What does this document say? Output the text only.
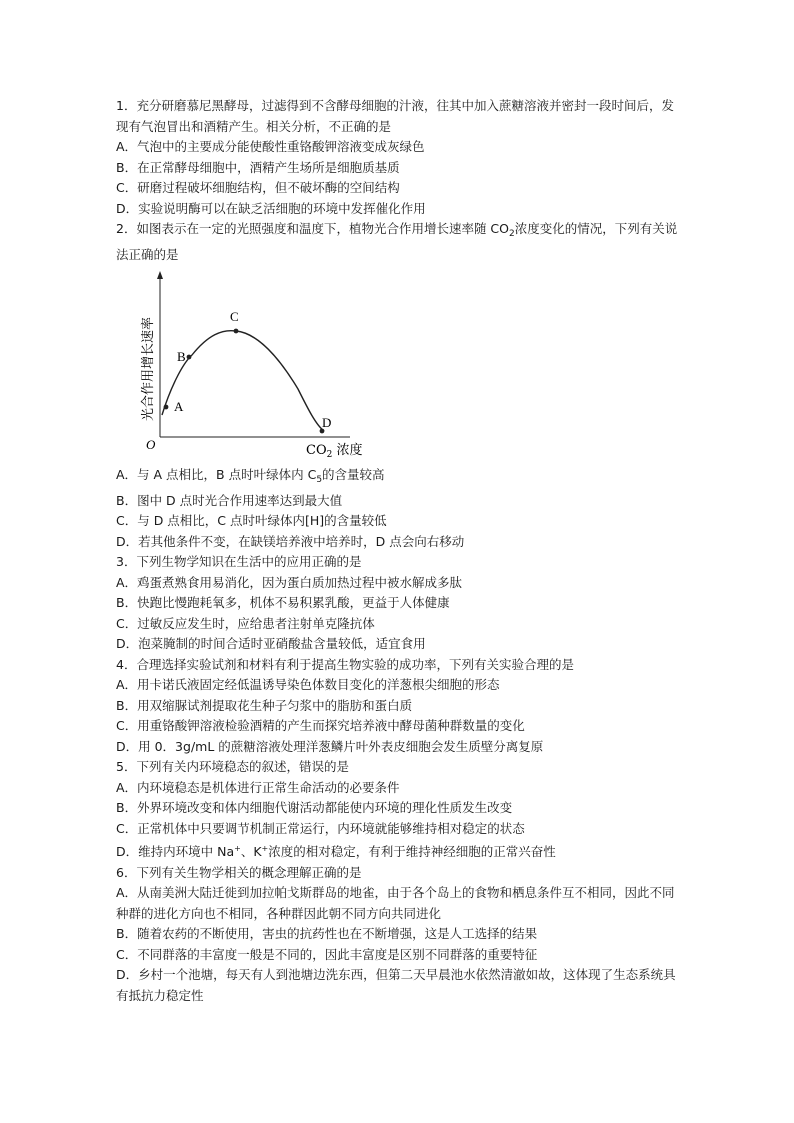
1．充分研磨慕尼黑酵母，过滤得到不含酵母细胞的汁液，往其中加入蔗糖溶液并密封一段时间后，发现有气泡冒出和酒精产生。相关分析，不正确的是

A．气泡中的主要成分能使酸性重铬酸钾溶液变成灰绿色

B．在正常酵母细胞中，酒精产生场所是细胞质基质

C．研磨过程破坏细胞结构，但不破坏酶的空间结构

D．实验说明酶可以在缺乏活细胞的环境中发挥催化作用

2．如图表示在一定的光照强度和温度下，植物光合作用增长速率随 $CO_2$浓度变化的情况，下列有关说法正确的是

A
B
C
D
O	$CO_2$ 浓度
光合作用增长速率

A．与 A 点相比，B 点时叶绿体内 $C_5$的含量较高

B．图中 D 点时光合作用速率达到最大值

C．与 D 点相比，C 点时叶绿体内[H]的含量较低

D．若其他条件不变，在缺镁培养液中培养时，D 点会向右移动

3．下列生物学知识在生活中的应用正确的是

A．鸡蛋煮熟食用易消化，因为蛋白质加热过程中被水解成多肽

B．快跑比慢跑耗氧多，机体不易积累乳酸，更益于人体健康

C．过敏反应发生时，应给患者注射单克隆抗体

D．泡菜腌制的时间合适时亚硝酸盐含量较低，适宜食用

4．合理选择实验试剂和材料有利于提高生物实验的成功率，下列有关实验合理的是

A．用卡诺氏液固定经低温诱导染色体数目变化的洋葱根尖细胞的形态

B．用双缩脲试剂提取花生种子匀浆中的脂肪和蛋白质

C．用重铬酸钾溶液检验酒精的产生而探究培养液中酵母菌种群数量的变化

D．用 0．3g/mL 的蔗糖溶液处理洋葱鳞片叶外表皮细胞会发生质壁分离复原

5．下列有关内环境稳态的叙述，错误的是

A．内环境稳态是机体进行正常生命活动的必要条件

B．外界环境改变和体内细胞代谢活动都能使内环境的理化性质发生改变

C．正常机体中只要调节机制正常运行，内环境就能够维持相对稳定的状态

D．维持内环境中 Na+、K+浓度的相对稳定，有利于维持神经细胞的正常兴奋性

6．下列有关生物学相关的概念理解正确的是

A．从南美洲大陆迁徙到加拉帕戈斯群岛的地雀，由于各个岛上的食物和栖息条件互不相同，因此不同种群的进化方向也不相同，各种群因此朝不同方向共同进化

B．随着农药的不断使用，害虫的抗药性也在不断增强，这是人工选择的结果

C．不同群落的丰富度一般是不同的，因此丰富度是区别不同群落的重要特征

D．乡村一个池塘，每天有人到池塘边洗东西，但第二天早晨池水依然清澈如故，这体现了生态系统具有抵抗力稳定性
